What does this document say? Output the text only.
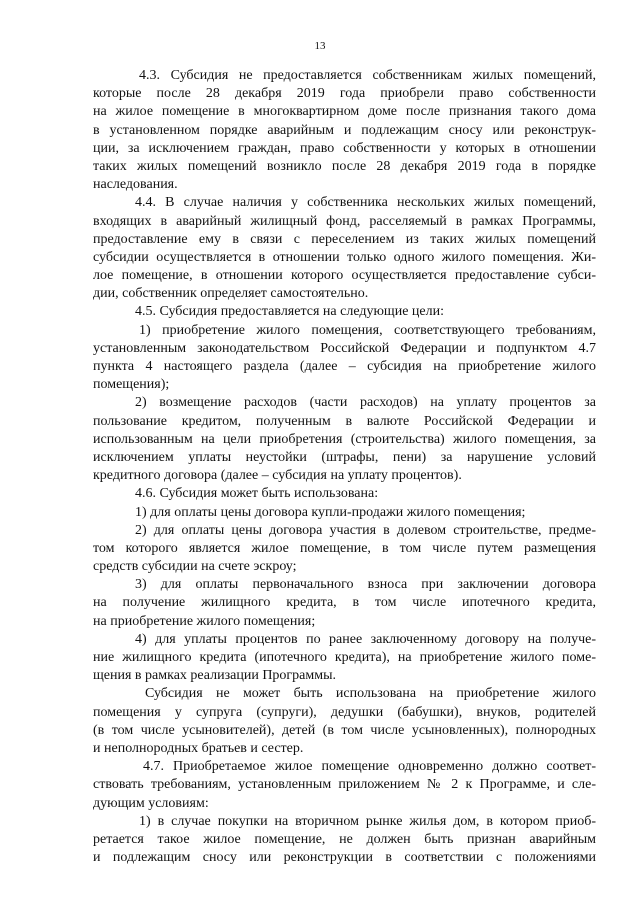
13
4.3. Субсидия не предоставляется собственникам жилых помещений,
которые после 28 декабря 2019 года приобрели право собственности
на жилое помещение в многоквартирном доме после признания такого дома
в установленном порядке аварийным и подлежащим сносу или реконструк-
ции, за исключением граждан, право собственности у которых в отношении
таких жилых помещений возникло после 28 декабря 2019 года в порядке
наследования.
4.4. В случае наличия у собственника нескольких жилых помещений,
входящих в аварийный жилищный фонд, расселяемый в рамках Программы,
предоставление ему в связи с переселением из таких жилых помещений
субсидии осуществляется в отношении только одного жилого помещения. Жи-
лое помещение, в отношении которого осуществляется предоставление субси-
дии, собственник определяет самостоятельно.
4.5. Субсидия предоставляется на следующие цели:
1) приобретение жилого помещения, соответствующего требованиям,
установленным законодательством Российской Федерации и подпунктом 4.7
пункта 4 настоящего раздела (далее – субсидия на приобретение жилого
помещения);
2) возмещение расходов (части расходов) на уплату процентов за
пользование кредитом, полученным в валюте Российской Федерации и
использованным на цели приобретения (строительства) жилого помещения, за
исключением уплаты неустойки (штрафы, пени) за нарушение условий
кредитного договора (далее – субсидия на уплату процентов).
4.6. Субсидия может быть использована:
1) для оплаты цены договора купли-продажи жилого помещения;
2) для оплаты цены договора участия в долевом строительстве, предме-
том которого является жилое помещение, в том числе путем размещения
средств субсидии на счете эскроу;
3) для оплаты первоначального взноса при заключении договора
на получение жилищного кредита, в том числе ипотечного кредита,
на приобретение жилого помещения;
4) для уплаты процентов по ранее заключенному договору на получе-
ние жилищного кредита (ипотечного кредита), на приобретение жилого поме-
щения в рамках реализации Программы.
Субсидия не может быть использована на приобретение жилого
помещения у супруга (супруги), дедушки (бабушки), внуков, родителей
(в том числе усыновителей), детей (в том числе усыновленных), полнородных
и неполнородных братьев и сестер.
4.7. Приобретаемое жилое помещение одновременно должно соответ-
ствовать требованиям, установленным приложением № 2 к Программе, и сле-
дующим условиям:
1) в случае покупки на вторичном рынке жилья дом, в котором приоб-
ретается такое жилое помещение, не должен быть признан аварийным
и подлежащим сносу или реконструкции в соответствии с положениями
